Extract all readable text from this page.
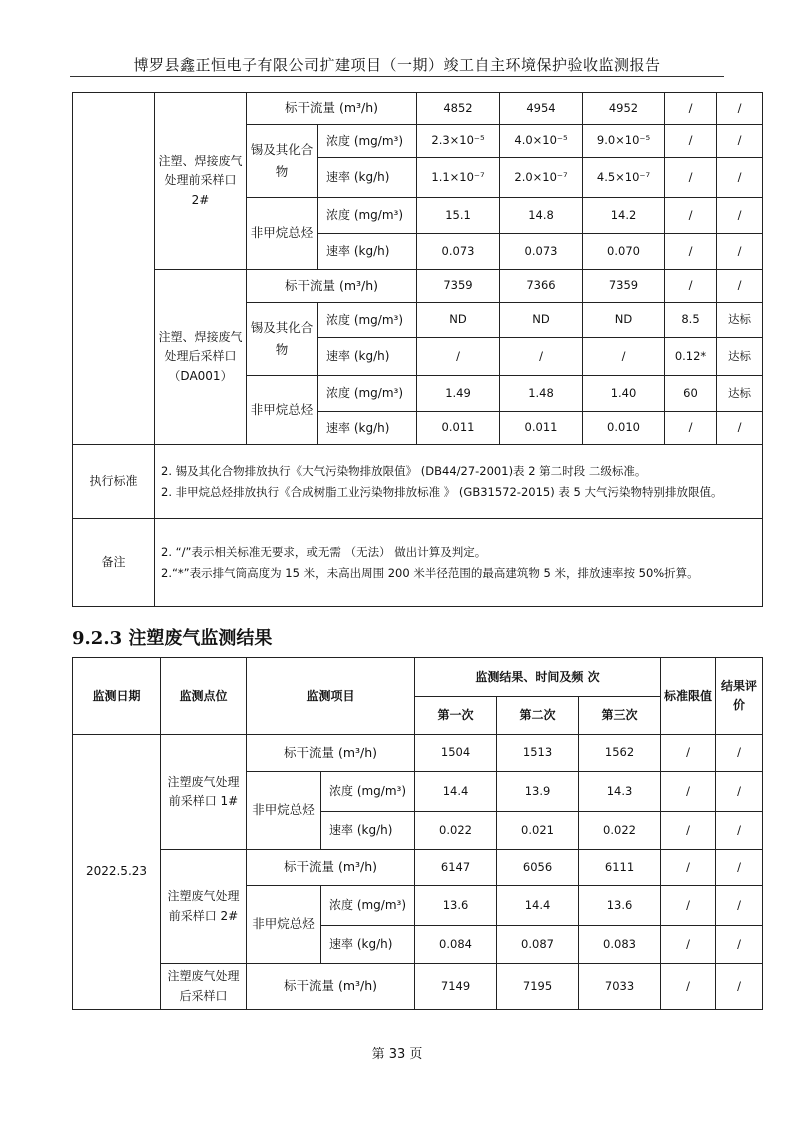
博罗县鑫正恒电子有限公司扩建项目（一期）竣工自主环境保护验收监测报告
	注塑、焊接废气处理前采样口 2#	标干流量 (m³/h)		4852	4954	4952	/	/
		锡及其化合物	浓度 (mg/m³)	2.3×10⁻⁵	4.0×10⁻⁵	9.0×10⁻⁵	/	/
			速率 (kg/h)	1.1×10⁻⁷	2.0×10⁻⁷	4.5×10⁻⁷	/	/
		非甲烷总烃	浓度 (mg/m³)	15.1	14.8	14.2	/	/
			速率 (kg/h)	0.073	0.073	0.070	/	/
	注塑、焊接废气处理后采样口（DA001）	标干流量 (m³/h)		7359	7366	7359	/	/
		锡及其化合物	浓度 (mg/m³)	ND	ND	ND	8.5	达标
			速率 (kg/h)	/	/	/	0.12*	达标
		非甲烷总烃	浓度 (mg/m³)	1.49	1.48	1.40	60	达标
			速率 (kg/h)	0.011	0.011	0.010	/	/
执行标准	2. 锡及其化合物排放执行《大气污染物排放限值》 (DB44/27-2001)表 2 第二时段 二级标准。
2. 非甲烷总烃排放执行《合成树脂工业污染物排放标准 》 (GB31572-2015) 表 5 大气污染物特别排放限值。							

备注	2. “/”表示相关标准无要求，或无需 （无法） 做出计算及判定。
2.“*”表示排气筒高度为 15 米，未高出周围 200 米半径范围的最高建筑物 5 米，排放速率按 50%折算。							
9.2.3 注塑废气监测结果
监测日期	监测点位	监测项目		监测结果、时间及频 次			标准限值	结果评价
				第一次	第二次	第三次		
2022.5.23	注塑废气处理前采样口 1#	标干流量 (m³/h)		1504	1513	1562	/	/
		非甲烷总烃	浓度 (mg/m³)	14.4	13.9	14.3	/	/
			速率 (kg/h)	0.022	0.021	0.022	/	/
	注塑废气处理前采样口 2#	标干流量 (m³/h)		6147	6056	6111	/	/
		非甲烷总烃	浓度 (mg/m³)	13.6	14.4	13.6	/	/
			速率 (kg/h)	0.084	0.087	0.083	/	/
	注塑废气处理后采样口	标干流量 (m³/h)		7149	7195	7033	/	/
第 33 页
